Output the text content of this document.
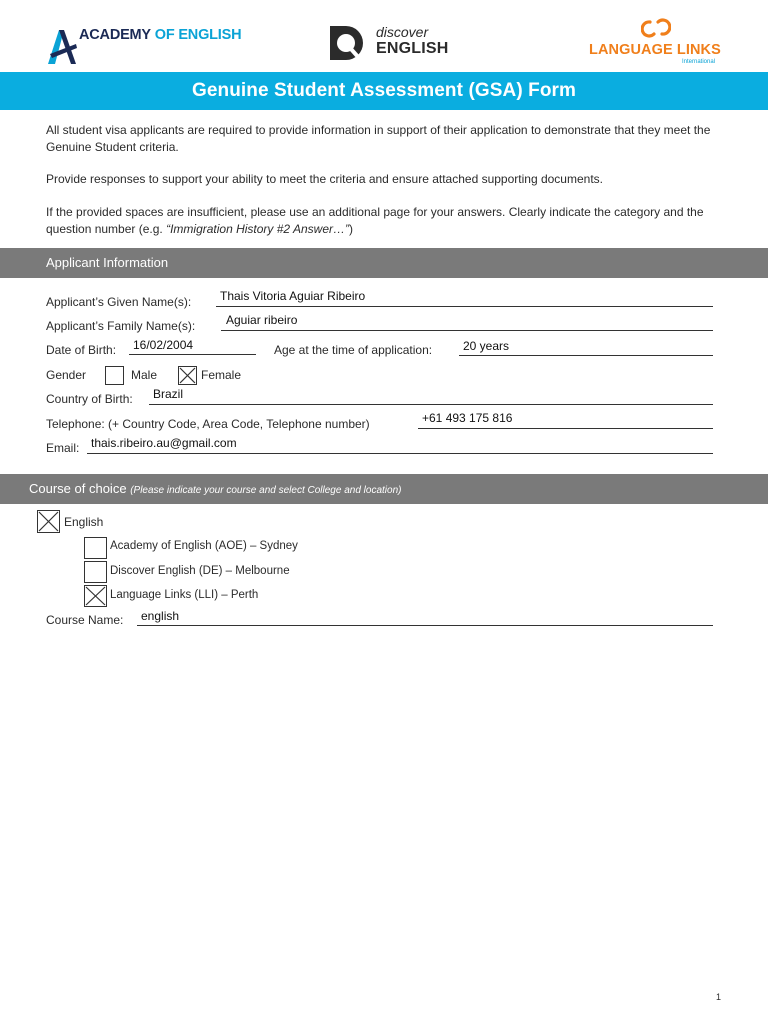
ACADEMY OF ENGLISH	discover
ENGLISH	LANGUAGE LINKS
International
Genuine Student Assessment (GSA) Form
All student visa applicants are required to provide information in support of their application to demonstrate that they meet the Genuine Student criteria.
Provide responses to support your ability to meet the criteria and ensure attached supporting documents.
If the provided spaces are insufficient, please use an additional page for your answers. Clearly indicate the category and the question number (e.g. “Immigration History #2 Answer…”)
Applicant Information
Applicant’s Given Name(s): Thais Vitoria Aguiar Ribeiro
Applicant’s Family Name(s):	Aguiar ribeiro
Date of Birth: 16/02/2004	Age at the time of application:	20 years
Gender	Male	Female
Country of Birth: Brazil
Telephone: (+ Country Code, Area Code, Telephone number)	+61 493 175 816
Email: thais.ribeiro.au@gmail.com
Course of choice (Please indicate your course and select College and location)
English
Academy of English (AOE) – Sydney
Discover English (DE) – Melbourne
Language Links (LLI) – Perth
Course Name: english
1
